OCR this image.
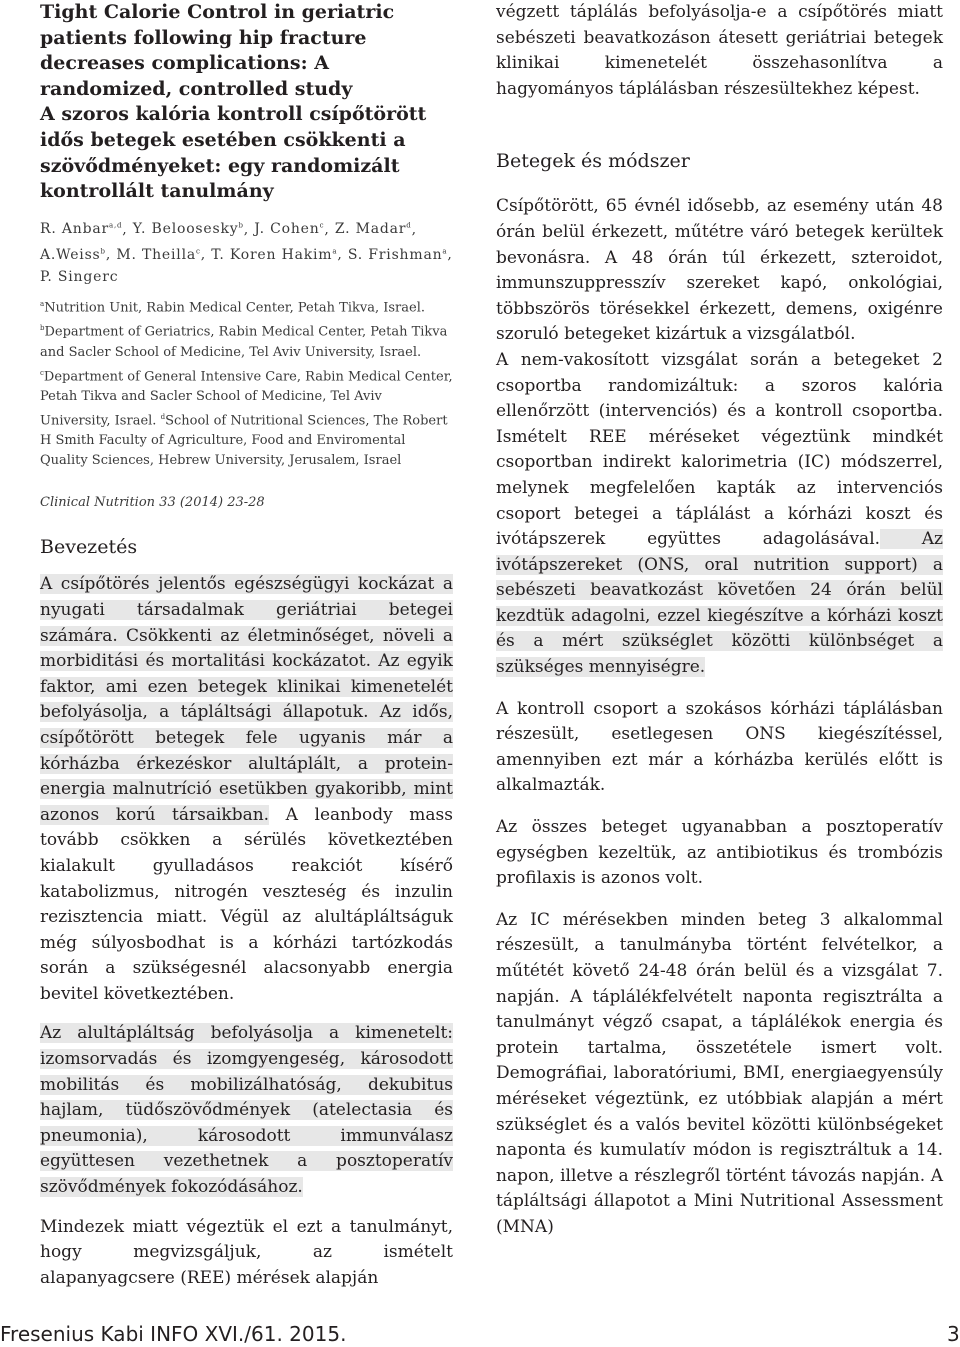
Tight Calorie Control in geriatric patients following hip fracture decreases complications: A randomized, controlled study
A szoros kalória kontroll csípőtörött idős betegek esetében csökkenti a szövődményeket: egy randomizált kontrollált tanulmány
R. Anbar$^{a,d}$, Y. Beloosesky$^b$, J. Cohen$^c$, Z. Madar$^d$, A.Weiss$^b$, M. Theilla$^c$, T. Koren Hakim$^a$, S. Frishman$^a$, P. Singerc
$^a$Nutrition Unit, Rabin Medical Center, Petah Tikva, Israel. $^b$Department of Geriatrics, Rabin Medical Center, Petah Tikva and Sacler School of Medicine, Tel Aviv University, Israel. $^c$Department of General Intensive Care, Rabin Medical Center, Petah Tikva and Sacler School of Medicine, Tel Aviv University, Israel. $^d$School of Nutritional Sciences, The Robert H Smith Faculty of Agriculture, Food and Enviromental Quality Sciences, Hebrew University, Jerusalem, Israel
Clinical Nutrition 33 (2014) 23-28
Bevezetés

A csípőtörés jelentős egészségügyi kockázat a nyugati társadalmak geriátriai betegei számára. Csökkenti az életminőséget, növeli a morbiditási és mortalitási kockázatot. Az egyik faktor, ami ezen betegek klinikai kimenetelét befolyásolja, a tápláltsági állapotuk. Az idős, csípőtörött betegek fele ugyanis már a kórházba érkezéskor alultáplált, a protein-energia malnutríció esetükben gyakoribb, mint azonos korú társaikban. A leanbody mass tovább csökken a sérülés következtében kialakult gyulladásos reakciót kísérő katabolizmus, nitrogén veszteség és inzulin rezisztencia miatt. Végül az alultápláltságuk még súlyosbodhat is a kórházi tartózkodás során a szükségesnél alacsonyabb energia bevitel következtében.

Az alultápláltság befolyásolja a kimenetelt: izomsorvadás és izomgyengeség, károsodott mobilitás és mobilizálhatóság, dekubitus hajlam, tüdőszövődmények (atelectasia és pneumonia), károsodott immunválasz együttesen vezethetnek a posztoperatív szövődmények fokozódásához.

Mindezek miatt végeztük el ezt a tanulmányt, hogy megvizsgáljuk, az ismételt alapanyagcsere (REE) mérések alapján

végzett táplálás befolyásolja-e a csípőtörés miatt sebészeti beavatkozáson átesett geriátriai betegek klinikai kimenetelét összehasonlítva a hagyományos táplálásban részesültekhez képest.

Betegek és módszer

Csípőtörött, 65 évnél idősebb, az esemény után 48 órán belül érkezett, műtétre váró betegek kerültek bevonásra. A 48 órán túl érkezett, szteroidot, immunszuppresszív szereket kapó, onkológiai, többszörös törésekkel érkezett, demens, oxigénre szoruló betegeket kizártuk a vizsgálatból.

A nem-vakosított vizsgálat során a betegeket 2 csoportba randomizáltuk: a szoros kalória ellenőrzött (intervenciós) és a kontroll csoportba. Ismételt REE méréseket végeztünk mindkét csoportban indirekt kalorimetria (IC) módszerrel, melynek megfelelően kapták az intervenciós csoport betegei a táplálást a kórházi koszt és ivótápszerek együttes adagolásával. Az ivótápszereket (ONS, oral nutrition support) a sebészeti beavatkozást követően 24 órán belül kezdtük adagolni, ezzel kiegészítve a kórházi koszt és a mért szükséglet közötti különbséget a szükséges mennyiségre.

A kontroll csoport a szokásos kórházi táplálásban részesült, esetlegesen ONS kiegészítéssel, amennyiben ezt már a kórházba kerülés előtt is alkalmazták.

Az összes beteget ugyanabban a posztoperatív egységben kezeltük, az antibiotikus és trombózis profilaxis is azonos volt.

Az IC mérésekben minden beteg 3 alkalommal részesült, a tanulmányba történt felvételkor, a műtétét követő 24-48 órán belül és a vizsgálat 7. napján. A táplálékfelvételt naponta regisztrálta a tanulmányt végző csapat, a táplálékok energia és protein tartalma, összetétele ismert volt. Demográfiai, laboratóriumi, BMI, energiaegyensúly méréseket végeztünk, ez utóbbiak alapján a mért szükséglet és a valós bevitel közötti különbségeket naponta és kumulatív módon is regisztráltuk a 14. napon, illetve a részlegről történt távozás napján. A tápláltsági állapotot a Mini Nutritional Assessment (MNA)

Fresenius Kabi INFO XVI./61. 2015.	3
